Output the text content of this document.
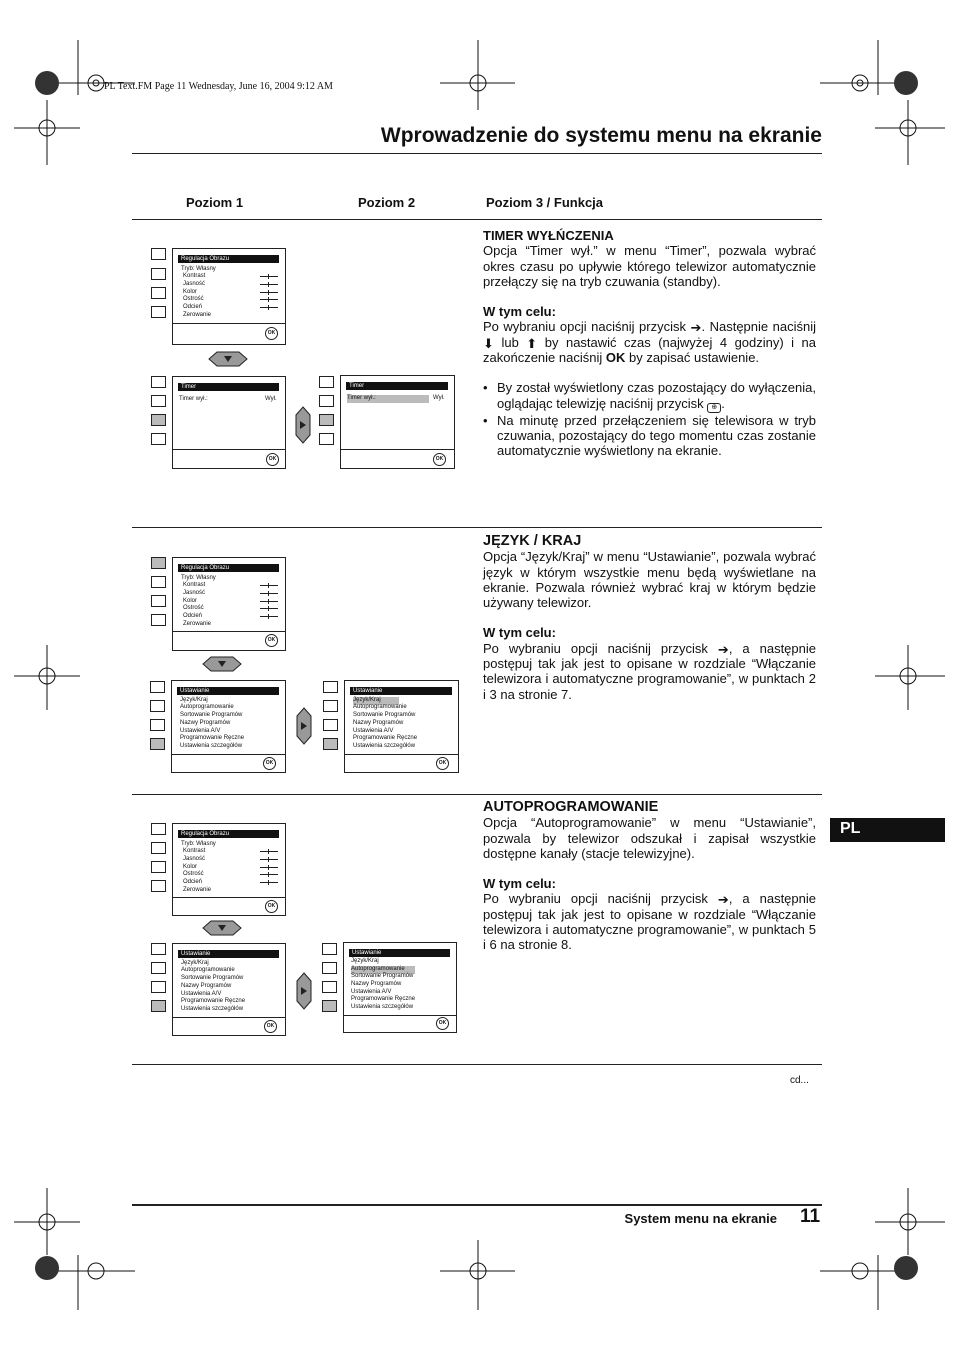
PL Text.FM Page 11 Wednesday, June 16, 2004 9:12 AM
Wprowadzenie do systemu menu na ekranie
Poziom 1	Poziom 2	Poziom 3 / Funkcja
TIMER WYŁŃCZENIA

Opcja “Timer wył.” w menu “Timer”, pozwala wybrać okres czasu po upływie którego telewizor automatycznie przełączy się na tryb czuwania (standby).

W tym celu:

Po wybraniu opcji naciśnij przycisk ➔. Następnie naciśnij ⬇ lub ⬆ by nastawić czas (najwyżej 4 godziny) i na zakończenie naciśnij OK by zapisać ustawienie.

• By został wyświetlony czas pozostający do wyłączenia, oglądając telewizję naciśnij przycisk ⊕ .

• Na minutę przed przełączeniem się telewisora w tryb czuwania, pozostający do tego momentu czas zostanie automatycznie wyświetlony na ekranie.

Regulacja Obrazu
Tryb: Własny
Kontrast
Jasność
Kolor
Ostrość
Odcień
Zerowanie
OK
Timer
Timer wył.:	Wył.
OK
Timer
Timer wył.:	Wył.
OK
JĘZYK / KRAJ

Opcja “Język/Kraj” w menu “Ustawianie”, pozwala wybrać język w którym wszystkie menu będą wyświetlane na ekranie. Pozwala również wybrać kraj w którym będzie używany telewizor.

W tym celu:

Po wybraniu opcji naciśnij przycisk ➔, a następnie postępuj tak jak jest to opisane w rozdziale “Włączanie telewizora i automatyczne programowanie”, w punktach 2 i 3 na stronie 7.

Regulacja Obrazu
Tryb: Własny
Kontrast
Jasność
Kolor
Ostrość
Odcień
Zerowanie
OK
Ustawianie
Język/Kraj
Autoprogramowanie
Sortowanie Programów
Nazwy Programów
Ustawienia A/V
Programowanie Ręczne
Ustawienia szczegółów
OK
Ustawianie
Język/Kraj
Autoprogramowanie
Sortowanie Programów
Nazwy Programów
Ustawienia A/V
Programowanie Ręczne
Ustawienia szczegółów
OK
PL
AUTOPROGRAMOWANIE

Opcja “Autoprogramowanie” w menu “Ustawianie”, pozwala by telewizor odszukał i zapisał wszystkie dostępne kanały (stacje telewizyjne).

W tym celu:

Po wybraniu opcji naciśnij przycisk ➔, a następnie postępuj tak jak jest to opisane w rozdziale “Włączanie telewizora i automatyczne programowanie”, w punktach 5 i 6 na stronie 8.

Regulacja Obrazu
Tryb: Własny
Kontrast
Jasność
Kolor
Ostrość
Odcień
Zerowanie
OK
Ustawianie
Język/Kraj
Autoprogramowanie
Sortowanie Programów
Nazwy Programów
Ustawienia A/V
Programowanie Ręczne
Ustawienia szczegółów
OK
Ustawianie
Język/Kraj
Autoprogramowanie
Sortowanie Programów
Nazwy Programów
Ustawienia A/V
Programowanie Ręczne
Ustawienia szczegółów
OK
cd...
System menu na ekranie 11
